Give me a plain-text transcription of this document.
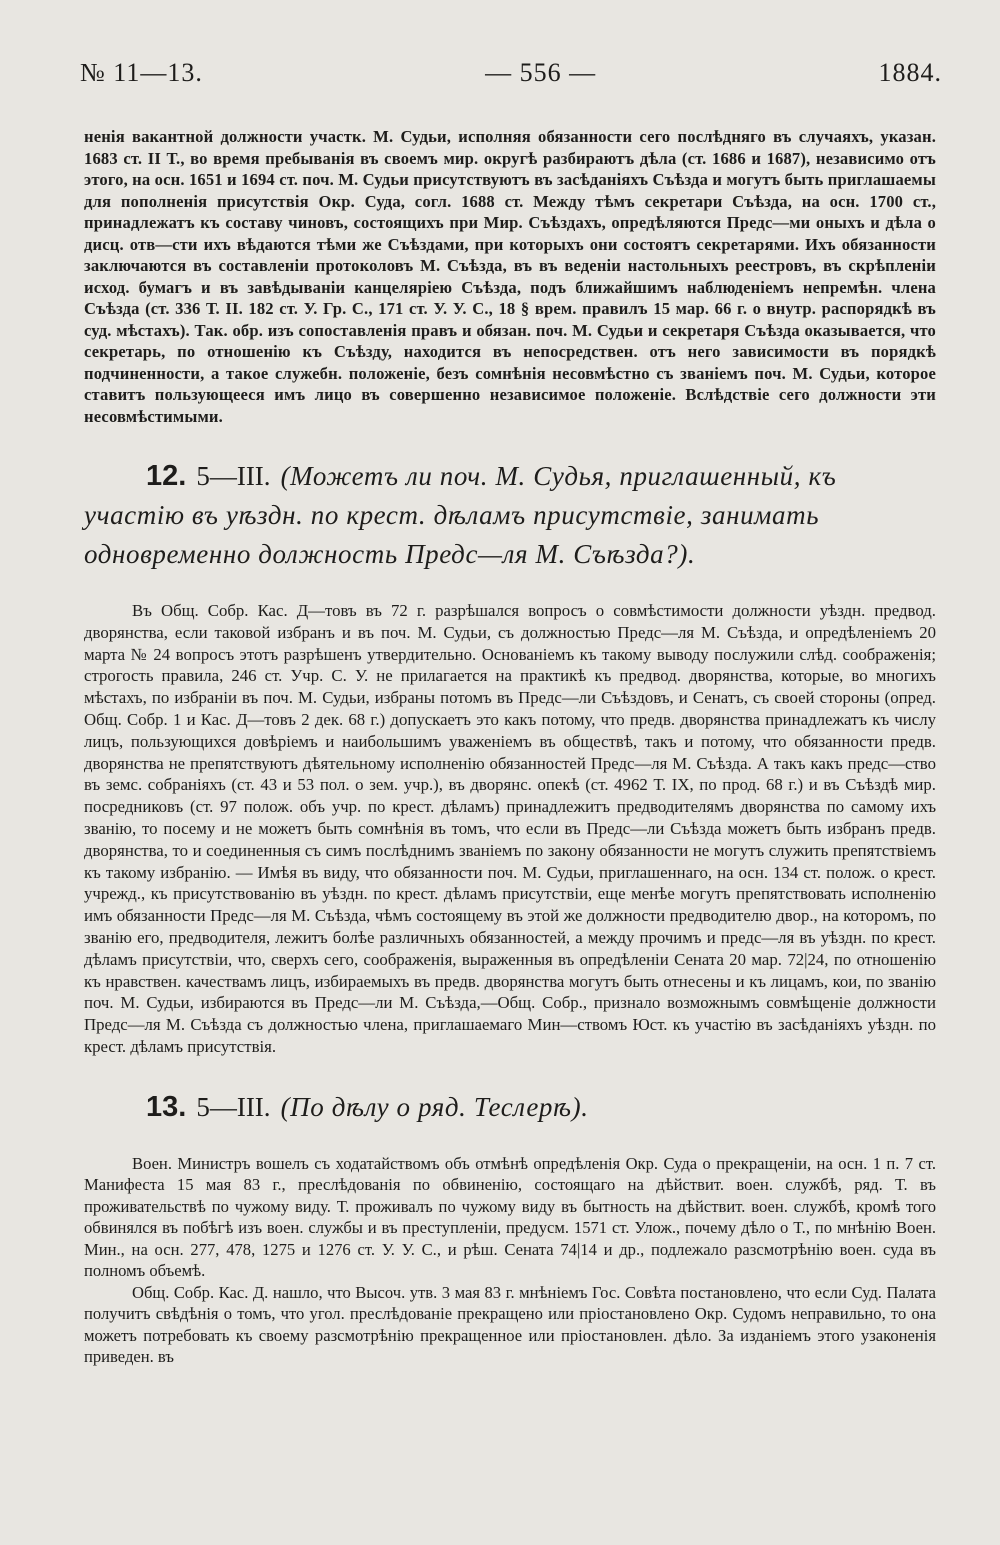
№ 11—13.	— 556 —	1884.

ненія вакантной должности участк. М. Судьи, исполняя обязанности сего послѣдняго въ случаяхъ, указан. 1683 ст. II Т., во время пребыванія въ своемъ мир. округѣ разбираютъ дѣла (ст. 1686 и 1687), независимо отъ этого, на осн. 1651 и 1694 ст. поч. М. Судьи присутствуютъ въ засѣданіяхъ Съѣзда и могутъ быть приглашаемы для пополненія присутствія Окр. Суда, согл. 1688 ст. Между тѣмъ секретари Съѣзда, на осн. 1700 ст., принадлежатъ къ составу чиновъ, состоящихъ при Мир. Съѣздахъ, опредѣляются Предс—ми оныхъ и дѣла о дисц. отв—сти ихъ вѣдаются тѣми же Съѣздами, при которыхъ они состоятъ секретарями. Ихъ обязанности заключаются въ составленіи протоколовъ М. Съѣзда, въ въ веденіи настольныхъ реестровъ, въ скрѣпленіи исход. бумагъ и въ завѣдываніи канцеляріею Съѣзда, подъ ближайшимъ наблюденіемъ непремѣн. члена Съѣзда (ст. 336 Т. II. 182 ст. У. Гр. С., 171 ст. У. У. С., 18 § врем. правилъ 15 мар. 66 г. о внутр. распорядкѣ въ суд. мѣстахъ). Так. обр. изъ сопоставленія правъ и обязан. поч. М. Судьи и секретаря Съѣзда оказывается, что секретарь, по отношенію къ Съѣзду, находится въ непосредствен. отъ него зависимости въ порядкѣ подчиненности, а такое служебн. положеніе, безъ сомнѣнія несовмѣстно съ званіемъ поч. М. Судьи, которое ставитъ пользующееся имъ лицо въ совершенно независимое положеніе. Вслѣдствіе сего должности эти несовмѣстимыми.

12. 5—III. (Можетъ ли поч. М. Судья, приглашенный, къ участію въ уѣздн. по крест. дѣламъ присутствіе, занимать одновременно должность Предс—ля М. Съѣзда?).

Въ Общ. Собр. Кас. Д—товъ въ 72 г. разрѣшался вопросъ о совмѣстимости должности уѣздн. предвод. дворянства, если таковой избранъ и въ поч. М. Судьи, съ должностью Предс—ля М. Съѣзда, и опредѣленіемъ 20 марта № 24 вопросъ этотъ разрѣшенъ утвердительно. Основаніемъ къ такому выводу послужили слѣд. соображенія; строгость правила, 246 ст. Учр. С. У. не прилагается на практикѣ къ предвод. дворянства, которые, во многихъ мѣстахъ, по избраніи въ поч. М. Судьи, избраны потомъ въ Предс—ли Съѣздовъ, и Сенатъ, съ своей стороны (опред. Общ. Собр. 1 и Кас. Д—товъ 2 дек. 68 г.) допускаетъ это какъ потому, что предв. дворянства принадлежатъ къ числу лицъ, пользующихся довѣріемъ и наибольшимъ уваженіемъ въ обществѣ, такъ и потому, что обязанности предв. дворянства не препятствуютъ дѣятельному исполненію обязанностей Предс—ля М. Съѣзда. А такъ какъ предс—ство въ земс. собраніяхъ (ст. 43 и 53 пол. о зем. учр.), въ дворянс. опекѣ (ст. 4962 Т. IX, по прод. 68 г.) и въ Съѣздѣ мир. посредниковъ (ст. 97 полож. объ учр. по крест. дѣламъ) принадлежитъ предводителямъ дворянства по самому ихъ званію, то посему и не можетъ быть сомнѣнія въ томъ, что если въ Предс—ли Съѣзда можетъ быть избранъ предв. дворянства, то и соединенныя съ симъ послѣднимъ званіемъ по закону обязанности не могутъ служить препятствіемъ къ такому избранію. — Имѣя въ виду, что обязанности поч. М. Судьи, приглашеннаго, на осн. 134 ст. полож. о крест. учрежд., къ присутствованію въ уѣздн. по крест. дѣламъ присутствіи, еще менѣе могутъ препятствовать исполненію имъ обязанности Предс—ля М. Съѣзда, чѣмъ состоящему въ этой же должности предводителю двор., на которомъ, по званію его, предводителя, лежитъ болѣе различныхъ обязанностей, а между прочимъ и предс—ля въ уѣздн. по крест. дѣламъ присутствіи, что, сверхъ сего, соображенія, выраженныя въ опредѣленіи Сената 20 мар. 72|24, по отношенію къ нравствен. качествамъ лицъ, избираемыхъ въ предв. дворянства могутъ быть отнесены и къ лицамъ, кои, по званію поч. М. Судьи, избираются въ Предс—ли М. Съѣзда,—Общ. Собр., признало возможнымъ совмѣщеніе должности Предс—ля М. Съѣзда съ должностью члена, приглашаемаго Мин—ствомъ Юст. къ участію въ засѣданіяхъ уѣздн. по крест. дѣламъ присутствія.

13. 5—III. (По дѣлу о ряд. Теслерѣ).

Воен. Министръ вошелъ съ ходатайствомъ объ отмѣнѣ опредѣленія Окр. Суда о прекращеніи, на осн. 1 п. 7 ст. Манифеста 15 мая 83 г., преслѣдованія по обвиненію, состоящаго на дѣйствит. воен. службѣ, ряд. Т. въ проживательствѣ по чужому виду. Т. проживалъ по чужому виду въ бытность на дѣйствит. воен. службѣ, кромѣ того обвинялся въ побѣгѣ изъ воен. службы и въ преступленіи, предусм. 1571 ст. Улож., почему дѣло о Т., по мнѣнію Воен. Мин., на осн. 277, 478, 1275 и 1276 ст. У. У. С., и рѣш. Сената 74|14 и др., подлежало разсмотрѣнію воен. суда въ полномъ объемѣ.

Общ. Собр. Кас. Д. нашло, что Высоч. утв. 3 мая 83 г. мнѣніемъ Гос. Совѣта постановлено, что если Суд. Палата получитъ свѣдѣнія о томъ, что угол. преслѣдованіе прекращено или пріостановлено Окр. Судомъ неправильно, то она можетъ потребовать къ своему разсмотрѣнію прекращенное или пріостановлен. дѣло. За изданіемъ этого узаконенія приведен. въ
